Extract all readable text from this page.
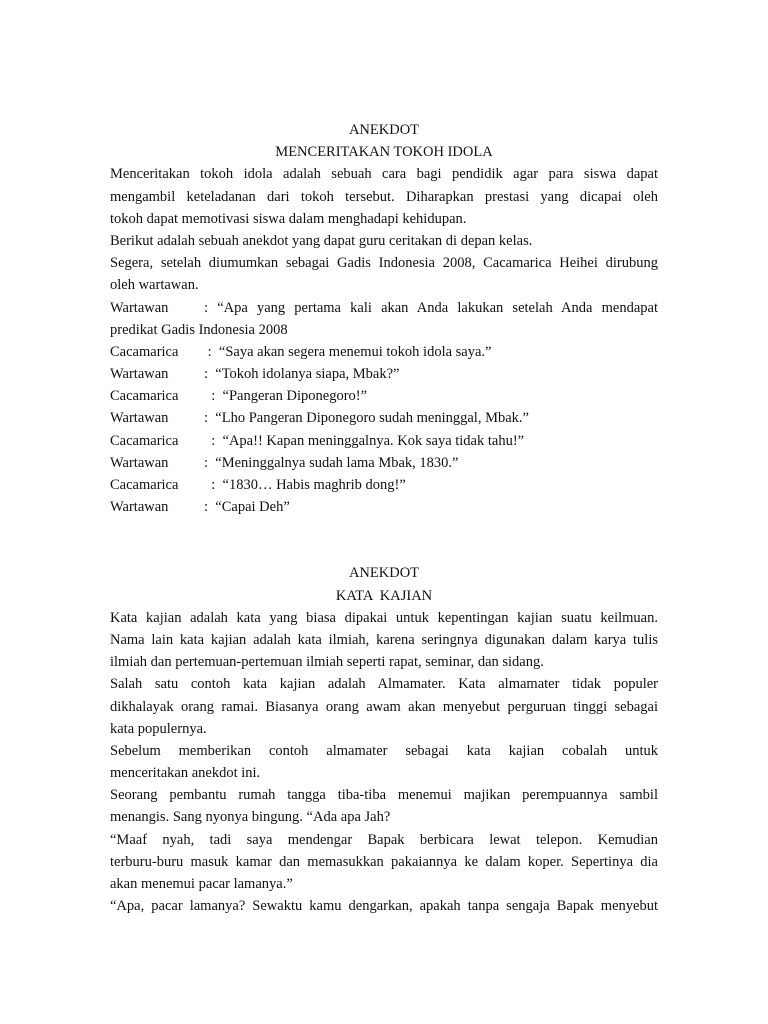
ANEKDOT
MENCERITAKAN TOKOH IDOLA
Menceritakan tokoh idola adalah sebuah cara bagi pendidik agar para siswa dapat
mengambil keteladanan dari tokoh tersebut. Diharapkan prestasi yang dicapai oleh
tokoh dapat memotivasi siswa dalam menghadapi kehidupan.
Berikut adalah sebuah anekdot yang dapat guru ceritakan di depan kelas.
Segera, setelah diumumkan sebagai Gadis Indonesia 2008, Cacamarica Heihei dirubung
oleh wartawan.
Wartawan	: “Apa yang pertama kali akan Anda lakukan setelah Anda mendapat
predikat Gadis Indonesia 2008
Cacamarica	:  “Saya akan segera menemui tokoh idola saya.”
Wartawan	:  “Tokoh idolanya siapa, Mbak?”
Cacamarica	:  “Pangeran Diponegoro!”
Wartawan	:  “Lho Pangeran Diponegoro sudah meninggal, Mbak.”
Cacamarica	:  “Apa!! Kapan meninggalnya. Kok saya tidak tahu!”
Wartawan	:  “Meninggalnya sudah lama Mbak, 1830.”
Cacamarica	:  “1830… Habis maghrib dong!”
Wartawan	:  “Capai Deh”
ANEKDOT
KATA  KAJIAN
Kata kajian adalah kata yang biasa dipakai untuk kepentingan kajian suatu keilmuan.
Nama lain kata kajian adalah kata ilmiah, karena seringnya digunakan dalam karya tulis
ilmiah dan pertemuan-pertemuan ilmiah seperti rapat, seminar, dan sidang.
Salah satu contoh kata kajian adalah Almamater. Kata almamater tidak populer
dikhalayak orang ramai. Biasanya orang awam akan menyebut perguruan tinggi sebagai
kata populernya.
Sebelum memberikan contoh almamater sebagai kata kajian cobalah untuk
menceritakan anekdot ini.
Seorang pembantu rumah tangga tiba-tiba menemui majikan perempuannya sambil
menangis. Sang nyonya bingung. “Ada apa Jah?
“Maaf nyah, tadi saya mendengar Bapak berbicara lewat telepon. Kemudian
terburu-buru masuk kamar dan memasukkan pakaiannya ke dalam koper. Sepertinya dia
akan menemui pacar lamanya.”
“Apa, pacar lamanya? Sewaktu kamu dengarkan, apakah tanpa sengaja Bapak menyebut
